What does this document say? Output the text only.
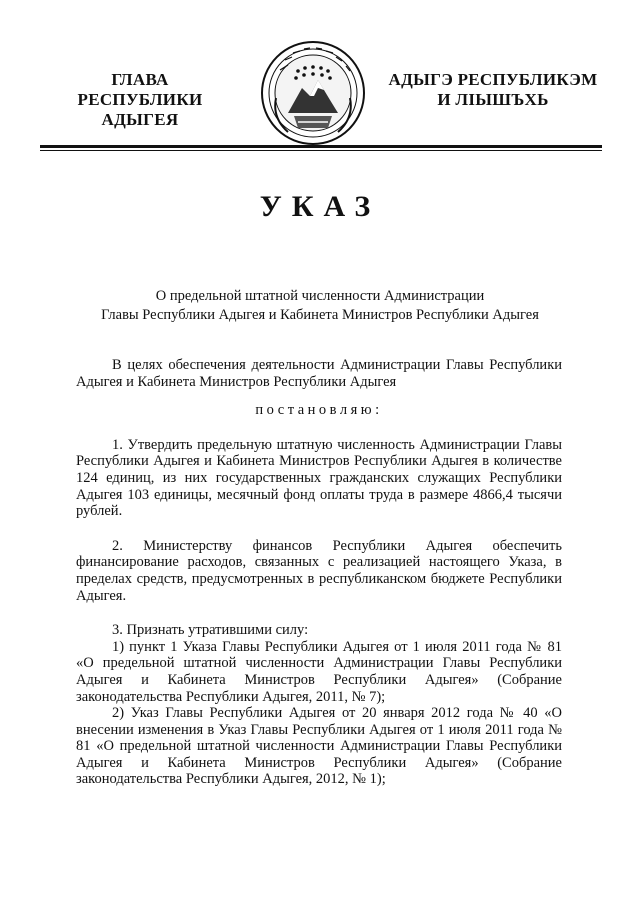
ГЛАВА
РЕСПУБЛИКИ АДЫГЕЯ
АДЫГЭ РЕСПУБЛИКЭМ
И ЛІЫШЪХЬ
УКАЗ
О предельной штатной численности Администрации
Главы Республики Адыгея и Кабинета Министров Республики Адыгея

В целях обеспечения деятельности Администрации Главы Республики Адыгея и Кабинета Министров Республики Адыгея

постановляю:

1. Утвердить предельную штатную численность Администрации Главы Республики Адыгея и Кабинета Министров Республики Адыгея в количестве 124 единиц, из них государственных гражданских служащих Республики Адыгея 103 единицы, месячный фонд оплаты труда в размере 4866,4 тысячи рублей.

2. Министерству финансов Республики Адыгея обеспечить финансирование расходов, связанных с реализацией настоящего Указа, в пределах средств, предусмотренных в республиканском бюджете Республики Адыгея.

3. Признать утратившими силу:

1) пункт 1 Указа Главы Республики Адыгея от 1 июля 2011 года № 81 «О предельной штатной численности Администрации Главы Республики Адыгея и Кабинета Министров Республики Адыгея» (Собрание законодательства Республики Адыгея, 2011, № 7);

2) Указ Главы Республики Адыгея от 20 января 2012 года № 40 «О внесении изменения в Указ Главы Республики Адыгея от 1 июля 2011 года № 81 «О предельной штатной численности Администрации Главы Республики Адыгея и Кабинета Министров Республики Адыгея» (Собрание законодательства Республики Адыгея, 2012, № 1);
